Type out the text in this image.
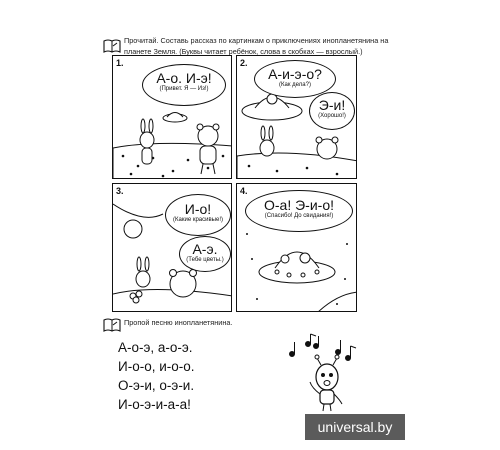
Прочитай. Составь рассказ по картинкам о приключениях инопланетянина на планете Земля. (Буквы читает ребёнок, слова в скобках — взрослый.)
1.
А-о. И-э!
(Привет. Я — Из!)
2.
А-и-э-о?
(Как дела?)
Э-и!
(Хорошо!)
3.
И-о!
(Какие красивые!)
А-э.
(Тебе цветы.)
4.
О-а! Э-и-о!
(Спасибо! До свидания!)
Пропой песню инопланетянина.
А-о-э, а-о-э.
И-о-о, и-о-о.
О-э-и, о-э-и.
И-о-э-и-а-а!
universal.by
